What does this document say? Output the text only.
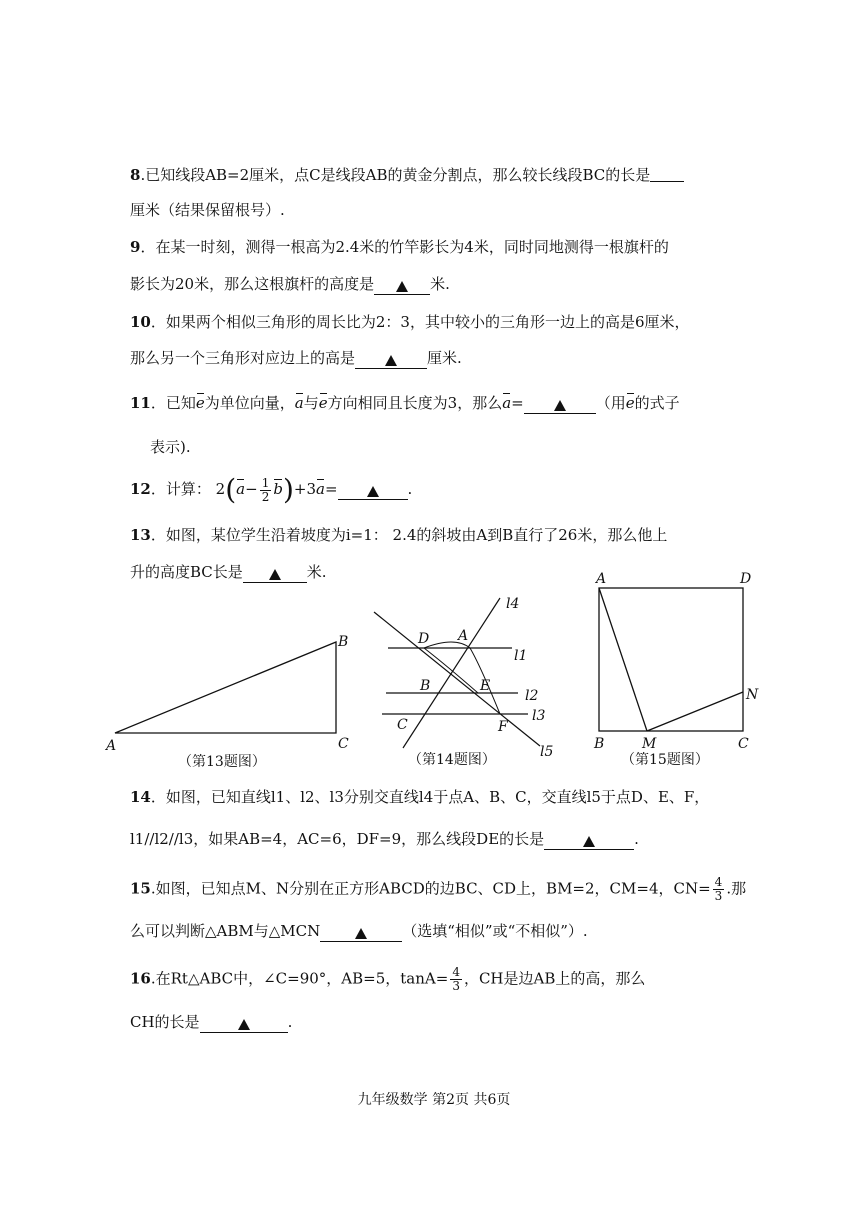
8.已知线段AB=2厘米，点C是线段AB的黄金分割点，那么较长线段BC的长是
厘米（结果保留根号）.
9．在某一时刻，测得一根高为2.4米的竹竿影长为4米，同时同地测得一根旗杆的
影长为20米，那么这根旗杆的高度是	米.
10．如果两个相似三角形的周长比为2：3，其中较小的三角形一边上的高是6厘米，
那么另一个三角形对应边上的高是	厘米.
11．已知e为单位向量，a与e方向相同且长度为3，那么a=	（用e的式子
表示).
12．计算： $2(a- \frac{1}{2} b)+3a=$	.
13．如图，某位学生沿着坡度为i=1： 2.4的斜坡由A到B直行了26米，那么他上
升的高度BC长是	米.
A
B
C
（第13题图）
D A
B	E
C	F
l1
l2
l3
l4
l5
（第14题图）
A	D
B	M	C
N
（第15题图）
14．如图，已知直线l1、l2、l3分别交直线l4于点A、B、C，交直线l5于点D、E、F，
l1//l2//l3，如果AB=4，AC=6，DF=9，那么线段DE的长是	.
15.如图，已知点M、N分别在正方形ABCD的边BC、CD上，BM=2，CM=4，$CN= \frac{4}{3}$ .那
么可以判断△ABM与△MCN	（选填“相似”或“不相似”）.
16.在Rt△ABC中，∠C=90°，AB=5，$\tan A= \frac{4}{3}$ ，CH是边AB上的高，那么
CH的长是	.
九年级数学 第2页 共6页
